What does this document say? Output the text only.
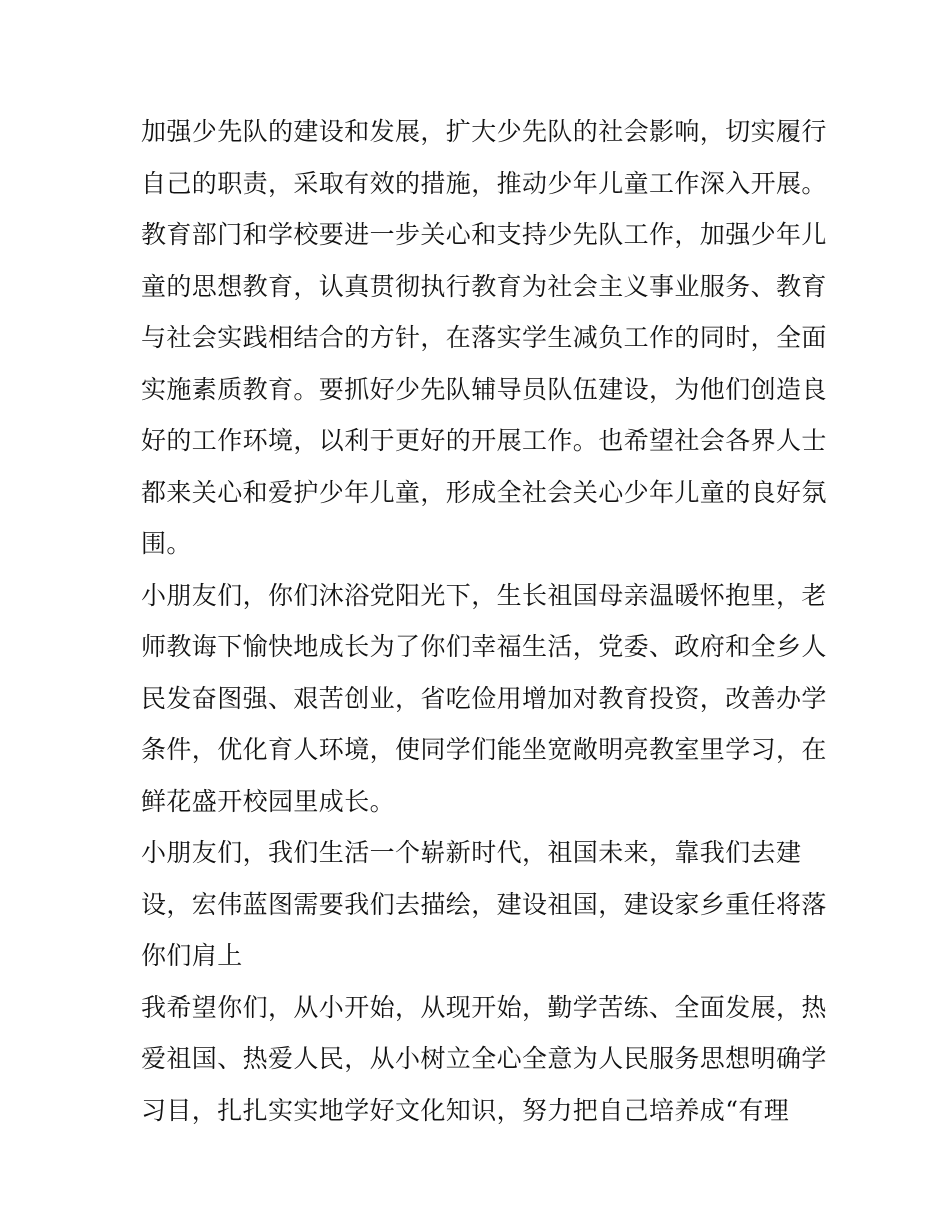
加强少先队的建设和发展，扩大少先队的社会影响，切实履行
自己的职责，采取有效的措施，推动少年儿童工作深入开展。
教育部门和学校要进一步关心和支持少先队工作，加强少年儿
童的思想教育，认真贯彻执行教育为社会主义事业服务、教育
与社会实践相结合的方针，在落实学生减负工作的同时，全面
实施素质教育。要抓好少先队辅导员队伍建设，为他们创造良
好的工作环境，以利于更好的开展工作。也希望社会各界人士
都来关心和爱护少年儿童，形成全社会关心少年儿童的良好氛
围。
小朋友们，你们沐浴党阳光下，生长祖国母亲温暖怀抱里，老
师教诲下愉快地成长为了你们幸福生活，党委、政府和全乡人
民发奋图强、艰苦创业，省吃俭用增加对教育投资，改善办学
条件，优化育人环境，使同学们能坐宽敞明亮教室里学习，在
鲜花盛开校园里成长。
小朋友们，我们生活一个崭新时代，祖国未来，靠我们去建
设，宏伟蓝图需要我们去描绘，建设祖国，建设家乡重任将落
你们肩上
我希望你们，从小开始，从现开始，勤学苦练、全面发展，热
爱祖国、热爱人民，从小树立全心全意为人民服务思想明确学
习目，扎扎实实地学好文化知识，努力把自己培养成“有理
